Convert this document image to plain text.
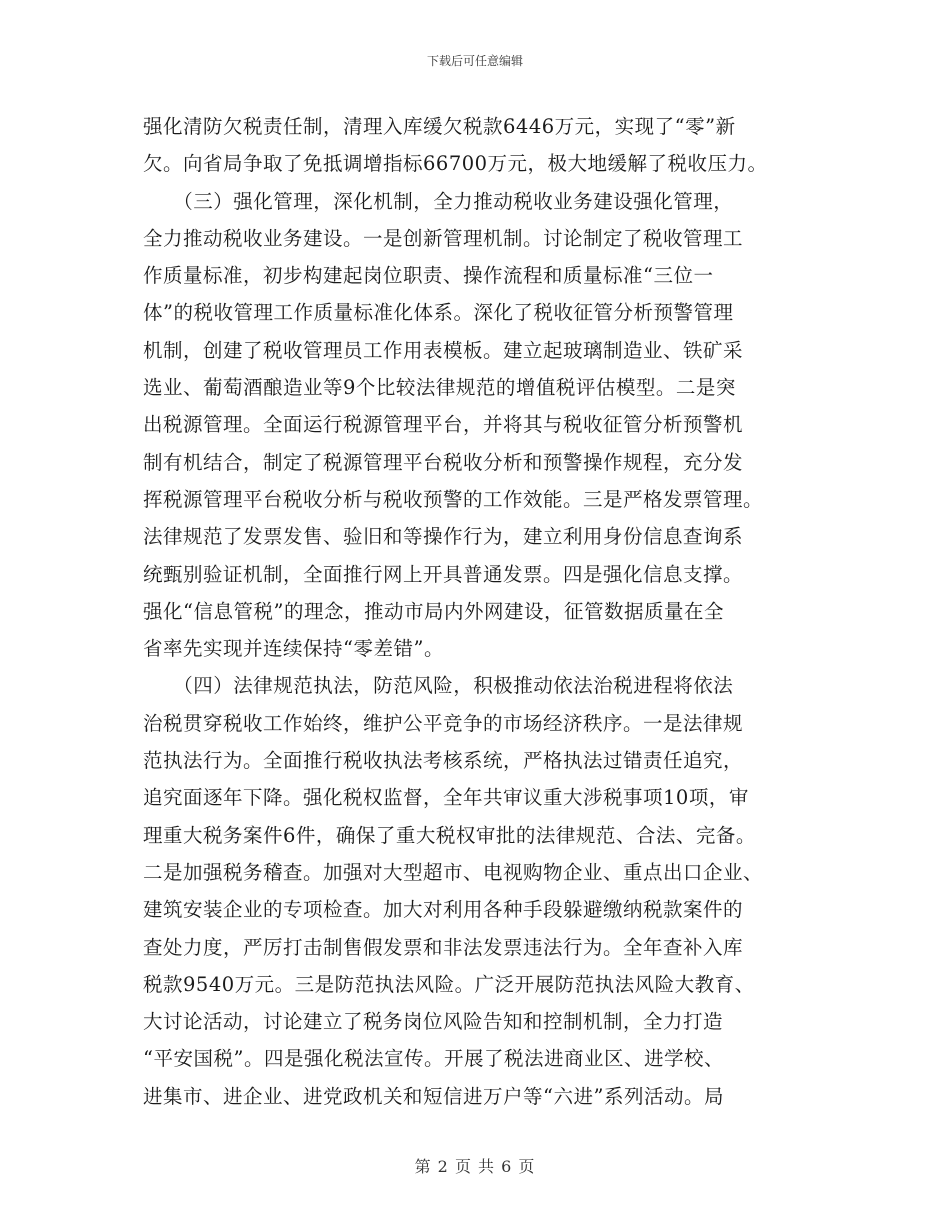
下载后可任意编辑
强化清防欠税责任制，清理入库缓欠税款6446万元，实现了“零”新
欠。向省局争取了免抵调增指标66700万元，极大地缓解了税收压力。
　　（三）强化管理，深化机制，全力推动税收业务建设强化管理，
全力推动税收业务建设。一是创新管理机制。讨论制定了税收管理工
作质量标准，初步构建起岗位职责、操作流程和质量标准“三位一
体”的税收管理工作质量标准化体系。深化了税收征管分析预警管理
机制，创建了税收管理员工作用表模板。建立起玻璃制造业、铁矿采
选业、葡萄酒酿造业等9个比较法律规范的增值税评估模型。二是突
出税源管理。全面运行税源管理平台，并将其与税收征管分析预警机
制有机结合，制定了税源管理平台税收分析和预警操作规程，充分发
挥税源管理平台税收分析与税收预警的工作效能。三是严格发票管理。
法律规范了发票发售、验旧和等操作行为，建立利用身份信息查询系
统甄别验证机制，全面推行网上开具普通发票。四是强化信息支撑。
强化“信息管税”的理念，推动市局内外网建设，征管数据质量在全
省率先实现并连续保持“零差错”。
　　（四）法律规范执法，防范风险，积极推动依法治税进程将依法
治税贯穿税收工作始终，维护公平竞争的市场经济秩序。一是法律规
范执法行为。全面推行税收执法考核系统，严格执法过错责任追究，
追究面逐年下降。强化税权监督，全年共审议重大涉税事项10项，审
理重大税务案件6件，确保了重大税权审批的法律规范、合法、完备。
二是加强税务稽查。加强对大型超市、电视购物企业、重点出口企业、
建筑安装企业的专项检查。加大对利用各种手段躲避缴纳税款案件的
查处力度，严厉打击制售假发票和非法发票违法行为。全年查补入库
税款9540万元。三是防范执法风险。广泛开展防范执法风险大教育、
大讨论活动，讨论建立了税务岗位风险告知和控制机制，全力打造
“平安国税”。四是强化税法宣传。开展了税法进商业区、进学校、
进集市、进企业、进党政机关和短信进万户等“六进”系列活动。局
第 2 页 共 6 页
